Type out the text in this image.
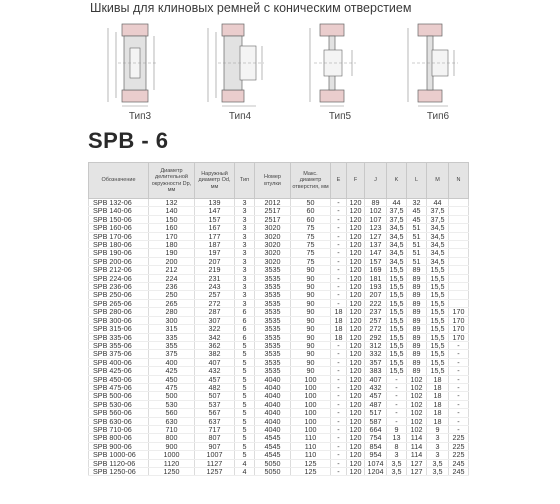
Шкивы для клиновых ремней с коническим отверстием
Тип3	Тип4	Тип5	Тип6
SPB - 6
Обозначение	Диаметр делительной окружности Dp, мм	Наружный диаметр Od, мм	Тип	Номер втулки	Макс. диаметр отверстия, мм	E	F	J	K	L	M	N
SPB 132-06	132	139	3	2012	50	-	120	89	44	32	44	
SPB 140-06	140	147	3	2517	60	-	120	102	37,5	45	37,5	
SPB 150-06	150	157	3	2517	60	-	120	107	37,5	45	37,5	
SPB 160-06	160	167	3	3020	75	-	120	123	34,5	51	34,5	
SPB 170-06	170	177	3	3020	75	-	120	127	34,5	51	34,5	
SPB 180-06	180	187	3	3020	75	-	120	137	34,5	51	34,5	
SPB 190-06	190	197	3	3020	75	-	120	147	34,5	51	34,5	
SPB 200-06	200	207	3	3020	75	-	120	157	34,5	51	34,5	
SPB 212-06	212	219	3	3535	90	-	120	169	15,5	89	15,5	
SPB 224-06	224	231	3	3535	90	-	120	181	15,5	89	15,5	
SPB 236-06	236	243	3	3535	90	-	120	193	15,5	89	15,5	
SPB 250-06	250	257	3	3535	90	-	120	207	15,5	89	15,5	
SPB 265-06	265	272	3	3535	90	-	120	222	15,5	89	15,5	
SPB 280-06	280	287	6	3535	90	18	120	237	15,5	89	15,5	170
SPB 300-06	300	307	6	3535	90	18	120	257	15,5	89	15,5	170
SPB 315-06	315	322	6	3535	90	18	120	272	15,5	89	15,5	170
SPB 335-06	335	342	6	3535	90	18	120	292	15,5	89	15,5	170
SPB 355-06	355	362	5	3535	90	-	120	312	15,5	89	15,5	-
SPB 375-06	375	382	5	3535	90	-	120	332	15,5	89	15,5	-
SPB 400-06	400	407	5	3535	90	-	120	357	15,5	89	15,5	-
SPB 425-06	425	432	5	3535	90	-	120	383	15,5	89	15,5	-
SPB 450-06	450	457	5	4040	100	-	120	407	-	102	18	-
SPB 475-06	475	482	5	4040	100	-	120	432	-	102	18	-
SPB 500-06	500	507	5	4040	100	-	120	457	-	102	18	-
SPB 530-06	530	537	5	4040	100	-	120	487	-	102	18	-
SPB 560-06	560	567	5	4040	100	-	120	517	-	102	18	-
SPB 630-06	630	637	5	4040	100	-	120	587	-	102	18	-
SPB 710-06	710	717	5	4040	100	-	120	664	9	102	9	-
SPB 800-06	800	807	5	4545	110	-	120	754	13	114	3	225
SPB 900-06	900	907	5	4545	110	-	120	854	8	114	3	225
SPB 1000-06	1000	1007	5	4545	110	-	120	954	3	114	3	225
SPB 1120-06	1120	1127	4	5050	125	-	120	1074	3,5	127	3,5	245
SPB 1250-06	1250	1257	4	5050	125	-	120	1204	3,5	127	3,5	245
